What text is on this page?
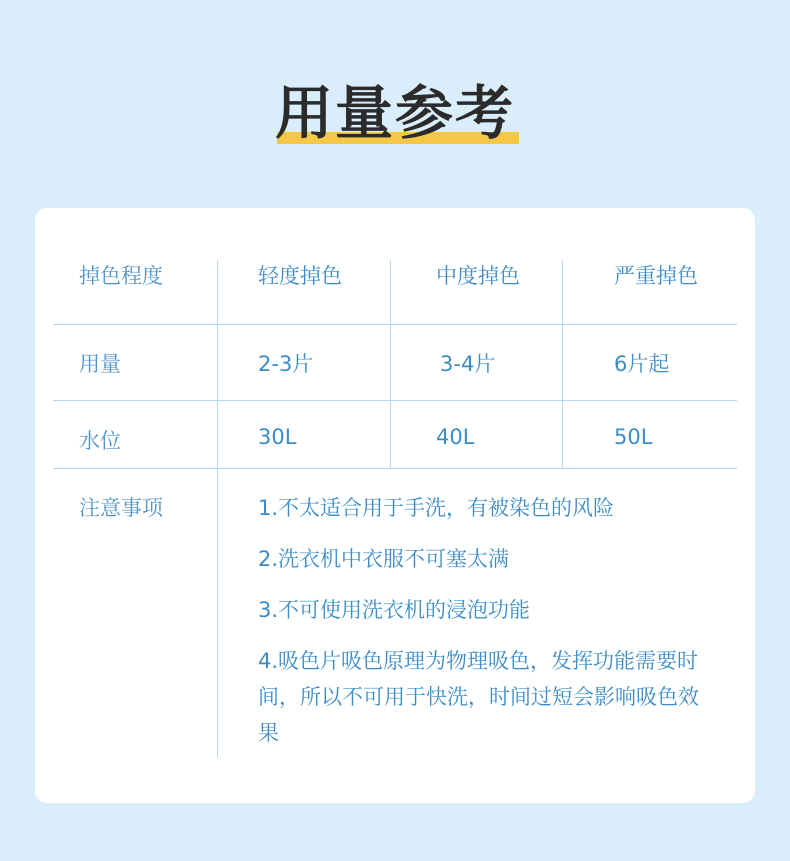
用量参考
掉色程度	轻度掉色	中度掉色	严重掉色
用量	2-3片	3-4片	6片起
水位	30L	40L	50L
注意事项	1.不太适合用于手洗，有被染色的风险
2.洗衣机中衣服不可塞太满
3.不可使用洗衣机的浸泡功能
4.吸色片吸色原理为物理吸色，发挥功能需要时间，所以不可用于快洗，时间过短会影响吸色效果
